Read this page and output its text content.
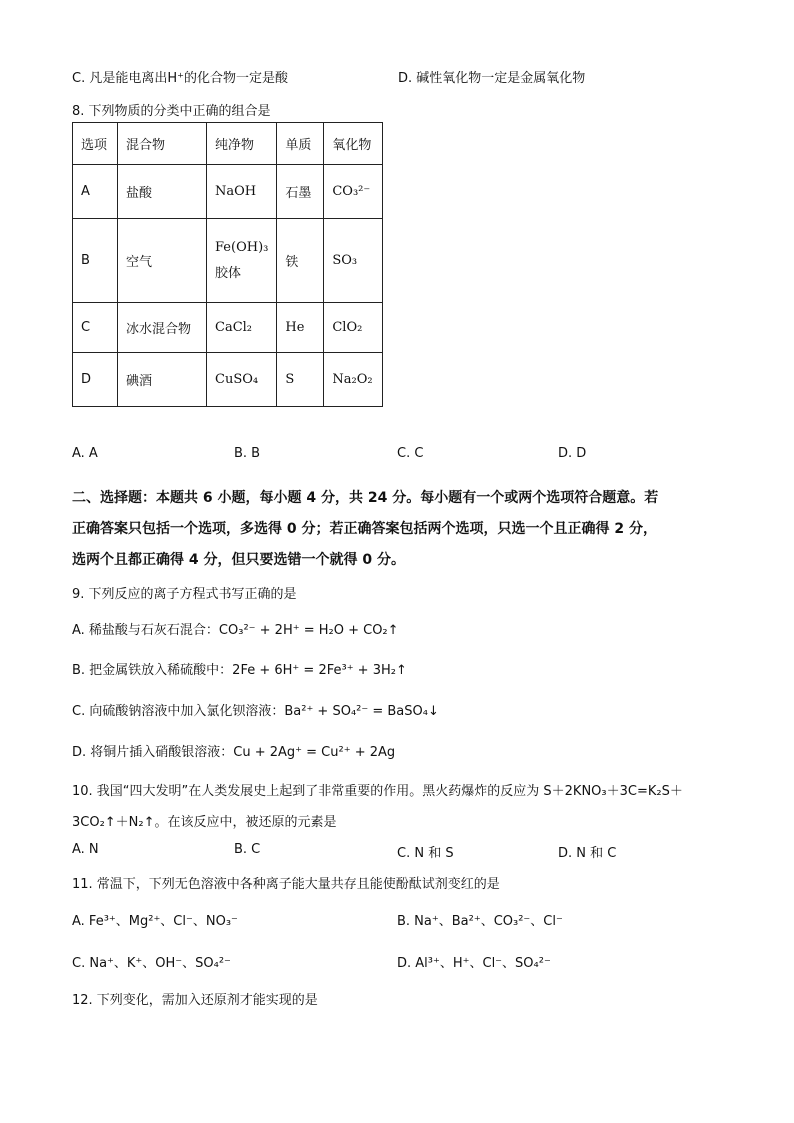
C. 凡是能电离出H⁺的化合物一定是酸	D. 碱性氧化物一定是金属氧化物
8. 下列物质的分类中正确的组合是
选项	混合物	纯净物	单质	氧化物
A	盐酸	NaOH	石墨	CO₃²⁻
B	空气	Fe(OH)₃胶体	铁	SO₃
C	冰水混合物	CaCl₂	He	ClO₂
D	碘酒	CuSO₄	S	Na₂O₂
A. A	B. B	C. C	D. D
二、选择题：本题共 6 小题，每小题 4 分，共 24 分。每小题有一个或两个选项符合题意。若
正确答案只包括一个选项，多选得 0 分；若正确答案包括两个选项，只选一个且正确得 2 分，
选两个且都正确得 4 分，但只要选错一个就得 0 分。
9. 下列反应的离子方程式书写正确的是
A. 稀盐酸与石灰石混合：CO₃²⁻ + 2H⁺ = H₂O + CO₂↑
B. 把金属铁放入稀硫酸中：2Fe + 6H⁺ = 2Fe³⁺ + 3H₂↑
C. 向硫酸钠溶液中加入氯化钡溶液：Ba²⁺ + SO₄²⁻ = BaSO₄↓
D. 将铜片插入硝酸银溶液：Cu + 2Ag⁺ = Cu²⁺ + 2Ag
10. 我国“四大发明”在人类发展史上起到了非常重要的作用。黑火药爆炸的反应为 S＋2KNO₃＋3C=K₂S＋
3CO₂↑＋N₂↑。在该反应中，被还原的元素是
A. N	B. C	C. N 和 S	D. N 和 C
11. 常温下，下列无色溶液中各种离子能大量共存且能使酚酞试剂变红的是
A. Fe³⁺、Mg²⁺、Cl⁻、NO₃⁻	B. Na⁺、Ba²⁺、CO₃²⁻、Cl⁻
C. Na⁺、K⁺、OH⁻、SO₄²⁻	D. Al³⁺、H⁺、Cl⁻、SO₄²⁻
12. 下列变化，需加入还原剂才能实现的是
